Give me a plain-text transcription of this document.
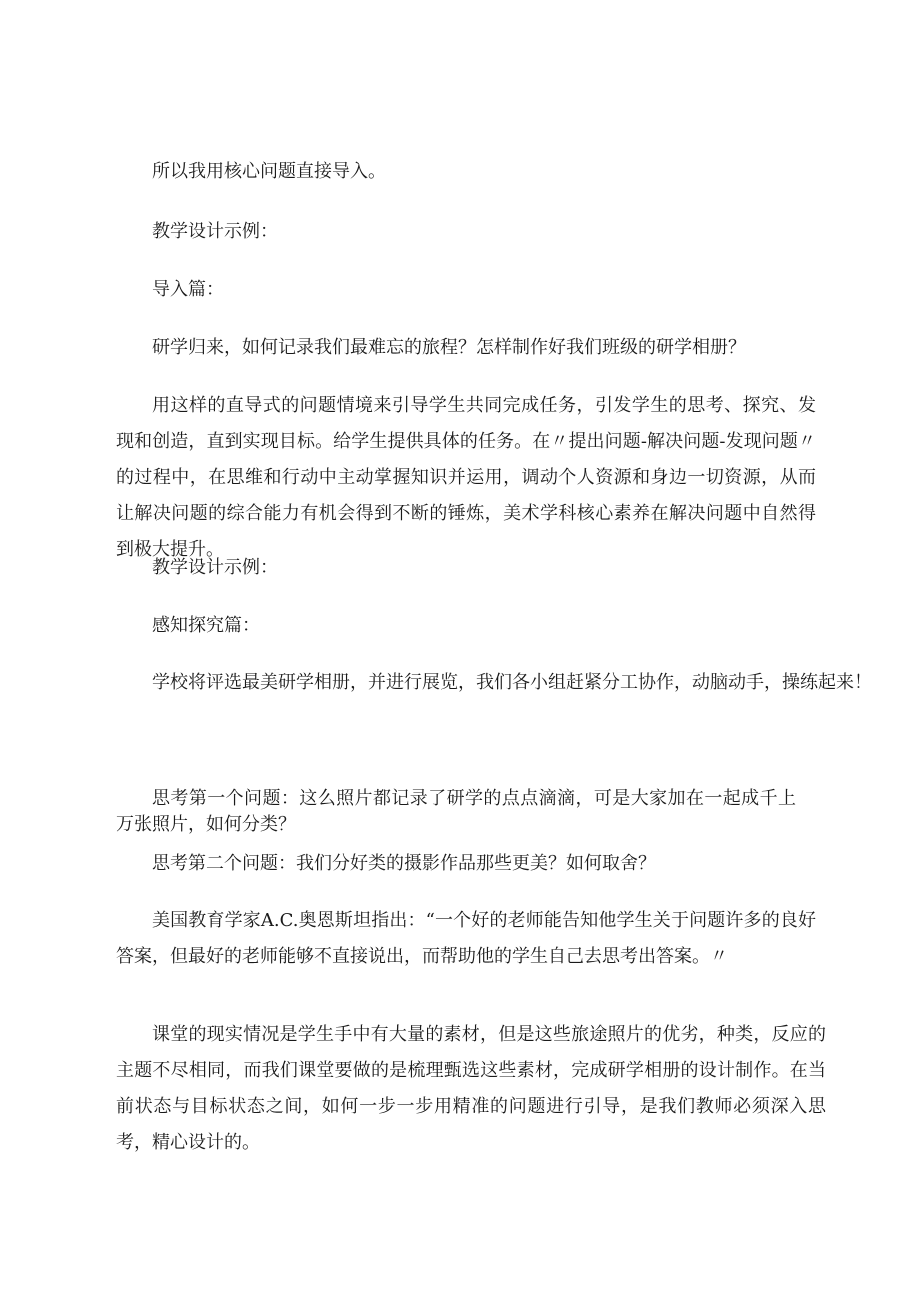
所以我用核心问题直接导入。

教学设计示例：

导入篇：

研学归来，如何记录我们最难忘的旅程？怎样制作好我们班级的研学相册？

用这样的直导式的问题情境来引导学生共同完成任务，引发学生的思考、探究、发现和创造，直到实现目标。给学生提供具体的任务。在〃提出问题-解决问题-发现问题〃的过程中，在思维和行动中主动掌握知识并运用，调动个人资源和身边一切资源，从而让解决问题的综合能力有机会得到不断的锤炼，美术学科核心素养在解决问题中自然得到极大提升。

教学设计示例：

感知探究篇：

学校将评选最美研学相册，并进行展览，我们各小组赶紧分工协作，动脑动手，操练起来！

思考第一个问题：这么照片都记录了研学的点点滴滴，可是大家加在一起成千上万张照片，如何分类？

思考第二个问题：我们分好类的摄影作品那些更美？如何取舍？

美国教育学家A.C.奥恩斯坦指出：“一个好的老师能告知他学生关于问题许多的良好答案，但最好的老师能够不直接说出，而帮助他的学生自己去思考出答案。〃

课堂的现实情况是学生手中有大量的素材，但是这些旅途照片的优劣，种类，反应的主题不尽相同，而我们课堂要做的是梳理甄选这些素材，完成研学相册的设计制作。在当前状态与目标状态之间，如何一步一步用精准的问题进行引导，是我们教师必须深入思考，精心设计的。
